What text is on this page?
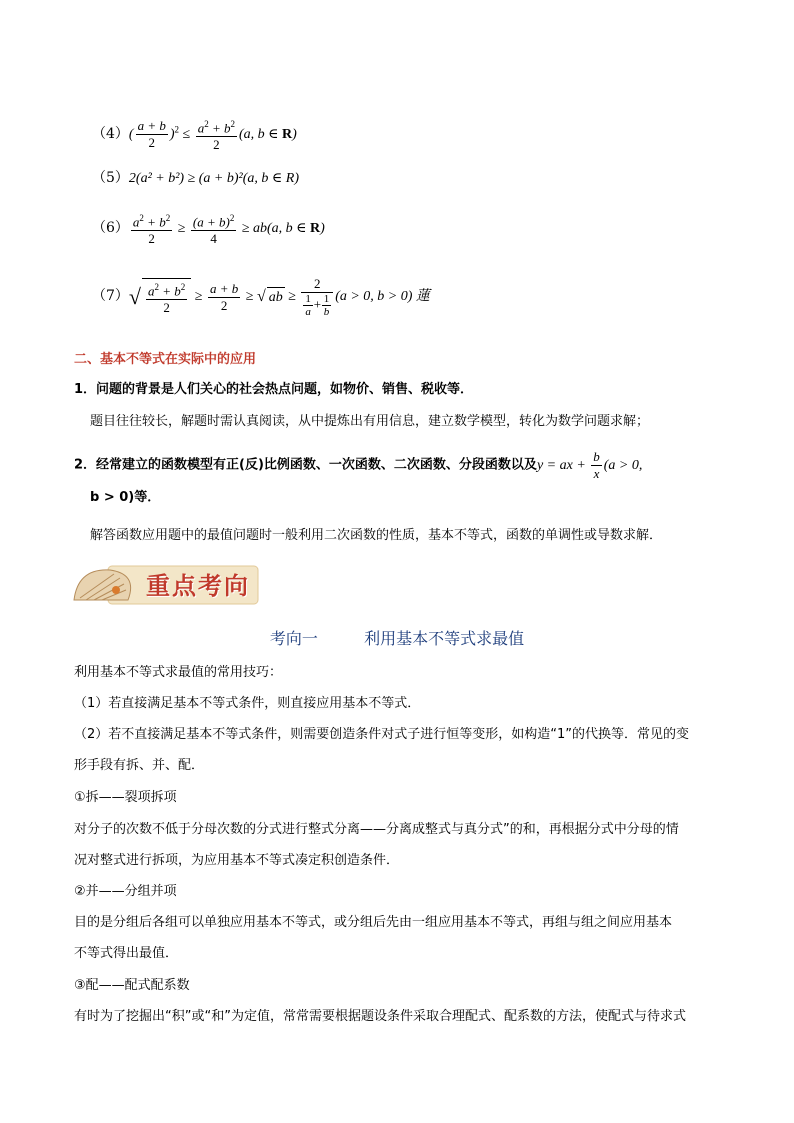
$(4)( \frac{a + b}{2} )^2 \le \frac{a^2 + b^2}{2} (a$, b ∈ R)
（5）2(a² + b²) ≥ (a + b)²(a, b ∈ R)
$(6) \frac{a^2 + b^2}{2} \ge \frac{(a + b)^2}{4} \ge ab(a$, b ∈ R)
$(7)√ \frac{a^2 + b^2}{2} \ge \frac{a + b}{2}$ ≥ √ ab ≥ $\frac{2}{\frac{1}{a} + \frac{1}{b}} (a > 0$, b > 0) 蓮
二、基本不等式在实际中的应用
1．问题的背景是人们关心的社会热点问题，如物价、销售、税收等．
题目往往较长，解题时需认真阅读，从中提炼出有用信息，建立数学模型，转化为数学问题求解；
2．经常建立的函数模型有正(反)比例函数、一次函数、二次函数、分段函数以及y = ax + $\frac{b}{x} (a > 0$,
b > 0)等．
解答函数应用题中的最值问题时一般利用二次函数的性质，基本不等式，函数的单调性或导数求解．
重点考向
考向一	利用基本不等式求最值
利用基本不等式求最值的常用技巧：
（1）若直接满足基本不等式条件，则直接应用基本不等式．
（2）若不直接满足基本不等式条件，则需要创造条件对式子进行恒等变形，如构造“1”的代换等．常见的变
形手段有拆、并、配．
①拆——裂项拆项
对分子的次数不低于分母次数的分式进行整式分离——分离成整式与真分式”的和，再根据分式中分母的情
况对整式进行拆项，为应用基本不等式凑定积创造条件．
②并——分组并项
目的是分组后各组可以单独应用基本不等式，或分组后先由一组应用基本不等式，再组与组之间应用基本
不等式得出最值．
③配——配式配系数
有时为了挖掘出“积”或“和”为定值，常常需要根据题设条件采取合理配式、配系数的方法，使配式与待求式
